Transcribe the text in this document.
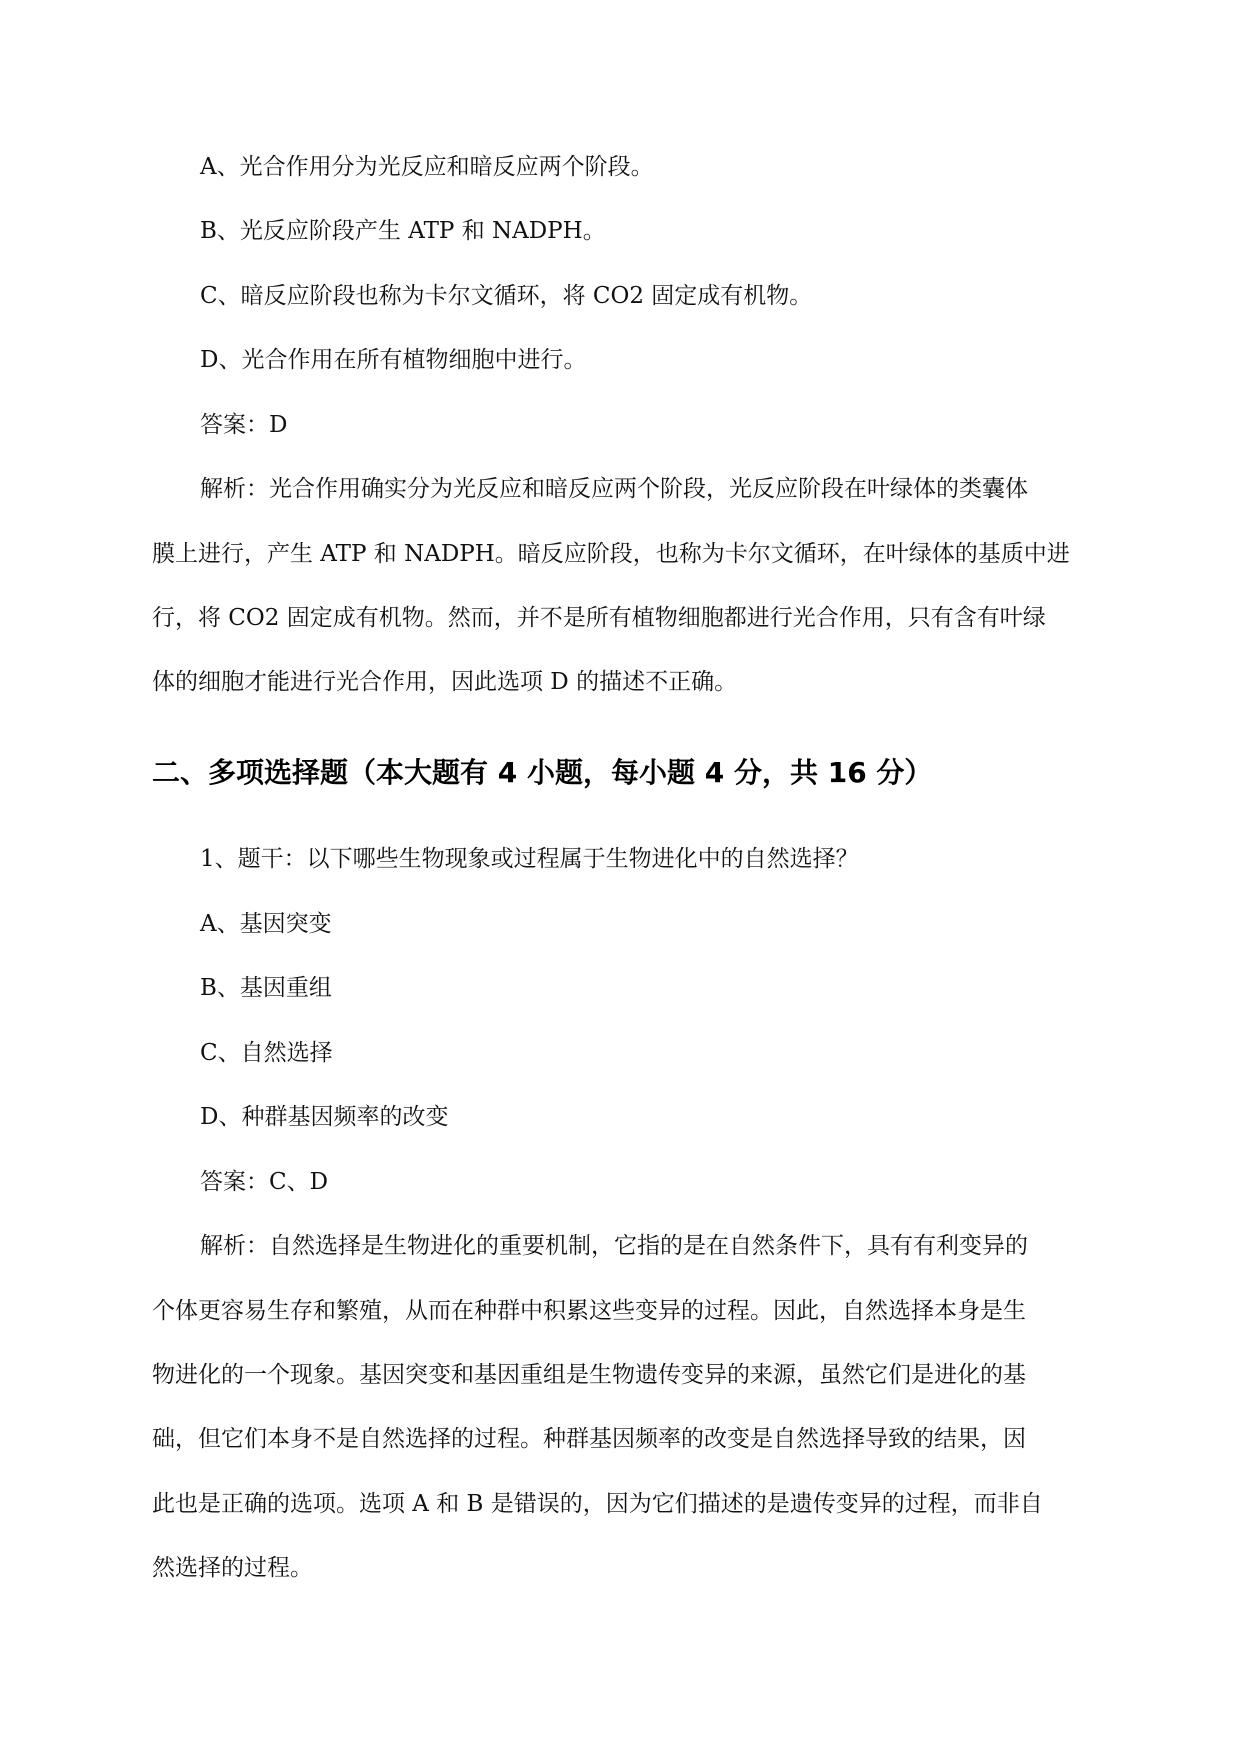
A、光合作用分为光反应和暗反应两个阶段。
B、光反应阶段产生 ATP 和 NADPH。
C、暗反应阶段也称为卡尔文循环，将 CO2 固定成有机物。
D、光合作用在所有植物细胞中进行。
答案：D
解析：光合作用确实分为光反应和暗反应两个阶段，光反应阶段在叶绿体的类囊体
膜上进行，产生 ATP 和 NADPH。暗反应阶段，也称为卡尔文循环，在叶绿体的基质中进
行，将 CO2 固定成有机物。然而，并不是所有植物细胞都进行光合作用，只有含有叶绿
体的细胞才能进行光合作用，因此选项 D 的描述不正确。
二、多项选择题（本大题有 4 小题，每小题 4 分，共 16 分）
1、题干：以下哪些生物现象或过程属于生物进化中的自然选择？
A、基因突变
B、基因重组
C、自然选择
D、种群基因频率的改变
答案：C、D
解析：自然选择是生物进化的重要机制，它指的是在自然条件下，具有有利变异的
个体更容易生存和繁殖，从而在种群中积累这些变异的过程。因此，自然选择本身是生
物进化的一个现象。基因突变和基因重组是生物遗传变异的来源，虽然它们是进化的基
础，但它们本身不是自然选择的过程。种群基因频率的改变是自然选择导致的结果，因
此也是正确的选项。选项 A 和 B 是错误的，因为它们描述的是遗传变异的过程，而非自
然选择的过程。
